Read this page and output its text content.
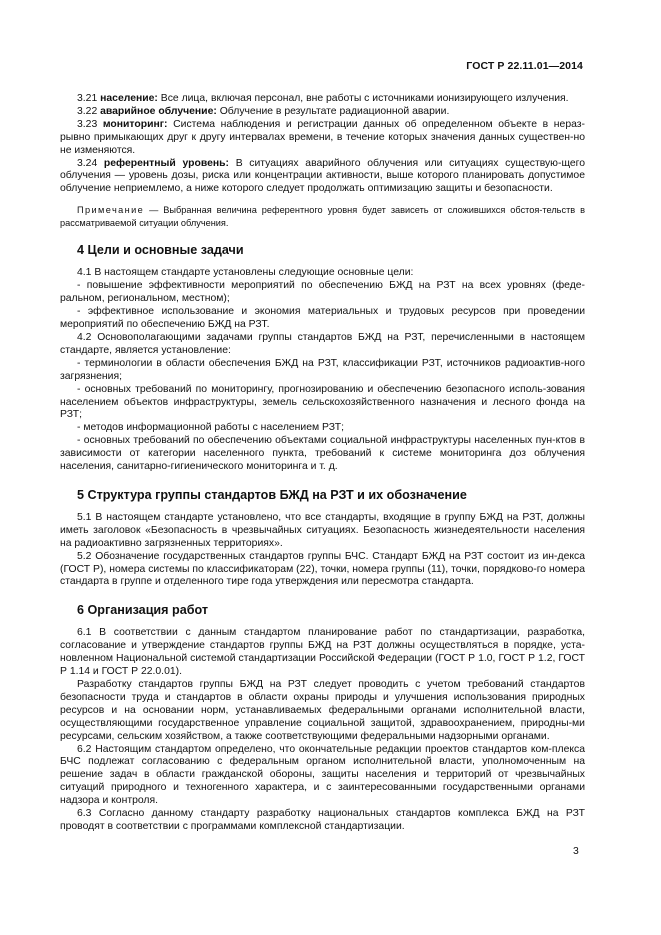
ГОСТ Р 22.11.01—2014

3.21 население: Все лица, включая персонал, вне работы с источниками ионизирующего излучения.

3.22 аварийное облучение: Облучение в результате радиационной аварии.

3.23 мониторинг: Система наблюдения и регистрации данных об определенном объекте в нераз-рывно примыкающих друг к другу интервалах времени, в течение которых значения данных существен-но не изменяются.

3.24 референтный уровень: В ситуациях аварийного облучения или ситуациях существую-щего облучения — уровень дозы, риска или концентрации активности, выше которого планировать допустимое облучение неприемлемо, а ниже которого следует продолжать оптимизацию защиты и безопасности.

Примечание — Выбранная величина референтного уровня будет зависеть от сложившихся обстоя-тельств в рассматриваемой ситуации облучения.

4 Цели и основные задачи

4.1 В настоящем стандарте установлены следующие основные цели:

- повышение эффективности мероприятий по обеспечению БЖД на РЗТ на всех уровнях (феде-ральном, региональном, местном);

- эффективное использование и экономия материальных и трудовых ресурсов при проведении мероприятий по обеспечению БЖД на РЗТ.

4.2 Основополагающими задачами группы стандартов БЖД на РЗТ, перечисленными в настоящем стандарте, является установление:

- терминологии в области обеспечения БЖД на РЗТ, классификации РЗТ, источников радиоактив-ного загрязнения;

- основных требований по мониторингу, прогнозированию и обеспечению безопасного исполь-зования населением объектов инфраструктуры, земель сельскохозяйственного назначения и лесного фонда на РЗТ;

- методов информационной работы с населением РЗТ;

- основных требований по обеспечению объектами социальной инфраструктуры населенных пун-ктов в зависимости от категории населенного пункта, требований к системе мониторинга доз облучения населения, санитарно-гигиенического мониторинга и т. д.

5 Структура группы стандартов БЖД на РЗТ и их обозначение

5.1 В настоящем стандарте установлено, что все стандарты, входящие в группу БЖД на РЗТ, должны иметь заголовок «Безопасность в чрезвычайных ситуациях. Безопасность жизнедеятельности населения на радиоактивно загрязненных территориях».

5.2 Обозначение государственных стандартов группы БЧС. Стандарт БЖД на РЗТ состоит из ин-декса (ГОСТ Р), номера системы по классификаторам (22), точки, номера группы (11), точки, порядково-го номера стандарта в группе и отделенного тире года утверждения или пересмотра стандарта.

6 Организация работ

6.1 В соответствии с данным стандартом планирование работ по стандартизации, разработка, согласование и утверждение стандартов группы БЖД на РЗТ должны осуществляться в порядке, уста-новленном Национальной системой стандартизации Российской Федерации (ГОСТ Р 1.0, ГОСТ Р 1.2, ГОСТ Р 1.14 и ГОСТ Р 22.0.01).

Разработку стандартов группы БЖД на РЗТ следует проводить с учетом требований стандартов безопасности труда и стандартов в области охраны природы и улучшения использования природных ресурсов и на основании норм, устанавливаемых федеральными органами исполнительной власти, осуществляющими государственное управление социальной защитой, здравоохранением, природны-ми ресурсами, сельским хозяйством, а также соответствующими федеральными надзорными органами.

6.2 Настоящим стандартом определено, что окончательные редакции проектов стандартов ком-плекса БЧС подлежат согласованию с федеральным органом исполнительной власти, уполномоченным на решение задач в области гражданской обороны, защиты населения и территорий от чрезвычайных ситуаций природного и техногенного характера, и с заинтересованными государственными органами надзора и контроля.

6.3 Согласно данному стандарту разработку национальных стандартов комплекса БЖД на РЗТ проводят в соответствии с программами комплексной стандартизации.

3
